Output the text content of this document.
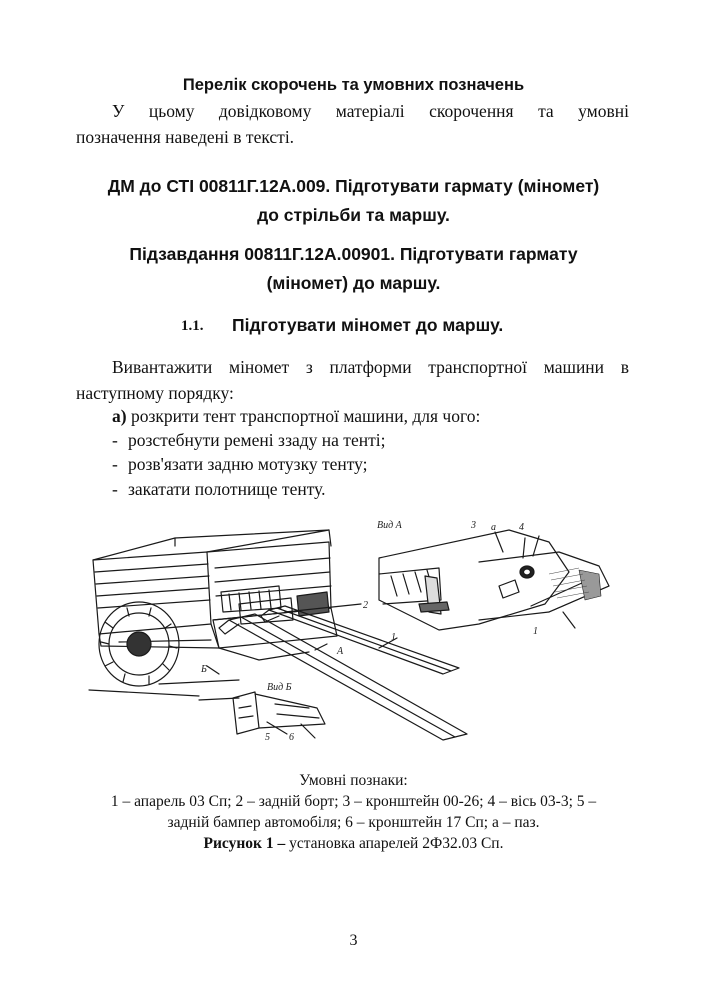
Перелік скорочень та умовних позначень

У цьому довідковому матеріалі скорочення та умовні

позначення наведені в тексті.

ДМ до СТІ 00811Г.12А.009. Підготувати гармату (міномет)

до стрільби та маршу.

Підзавдання 00811Г.12А.00901. Підготувати гармату

(міномет) до маршу.

1.1. Підготувати міномет до маршу.

Вивантажити міномет з платформи транспортної машини в

наступному порядку:

а) розкрити тент транспортної машини, для чого:

- розстебнути ремені ззаду на тенті;
- розв'язати задню мотузку тенту;
- закатати полотнище тенту.
Вид А
Вид Б
а
А
Б
1
1
2
3	4
5 6

Умовні познаки:

1 – апарель 03 Сп; 2 – задній борт; 3 – кронштейн 00-26; 4 – вісь 03-3; 5 –

задній бампер автомобіля; 6 – кронштейн 17 Сп; а – паз.

Рисунок 1 – установка апарелей 2Ф32.03 Сп.

3
